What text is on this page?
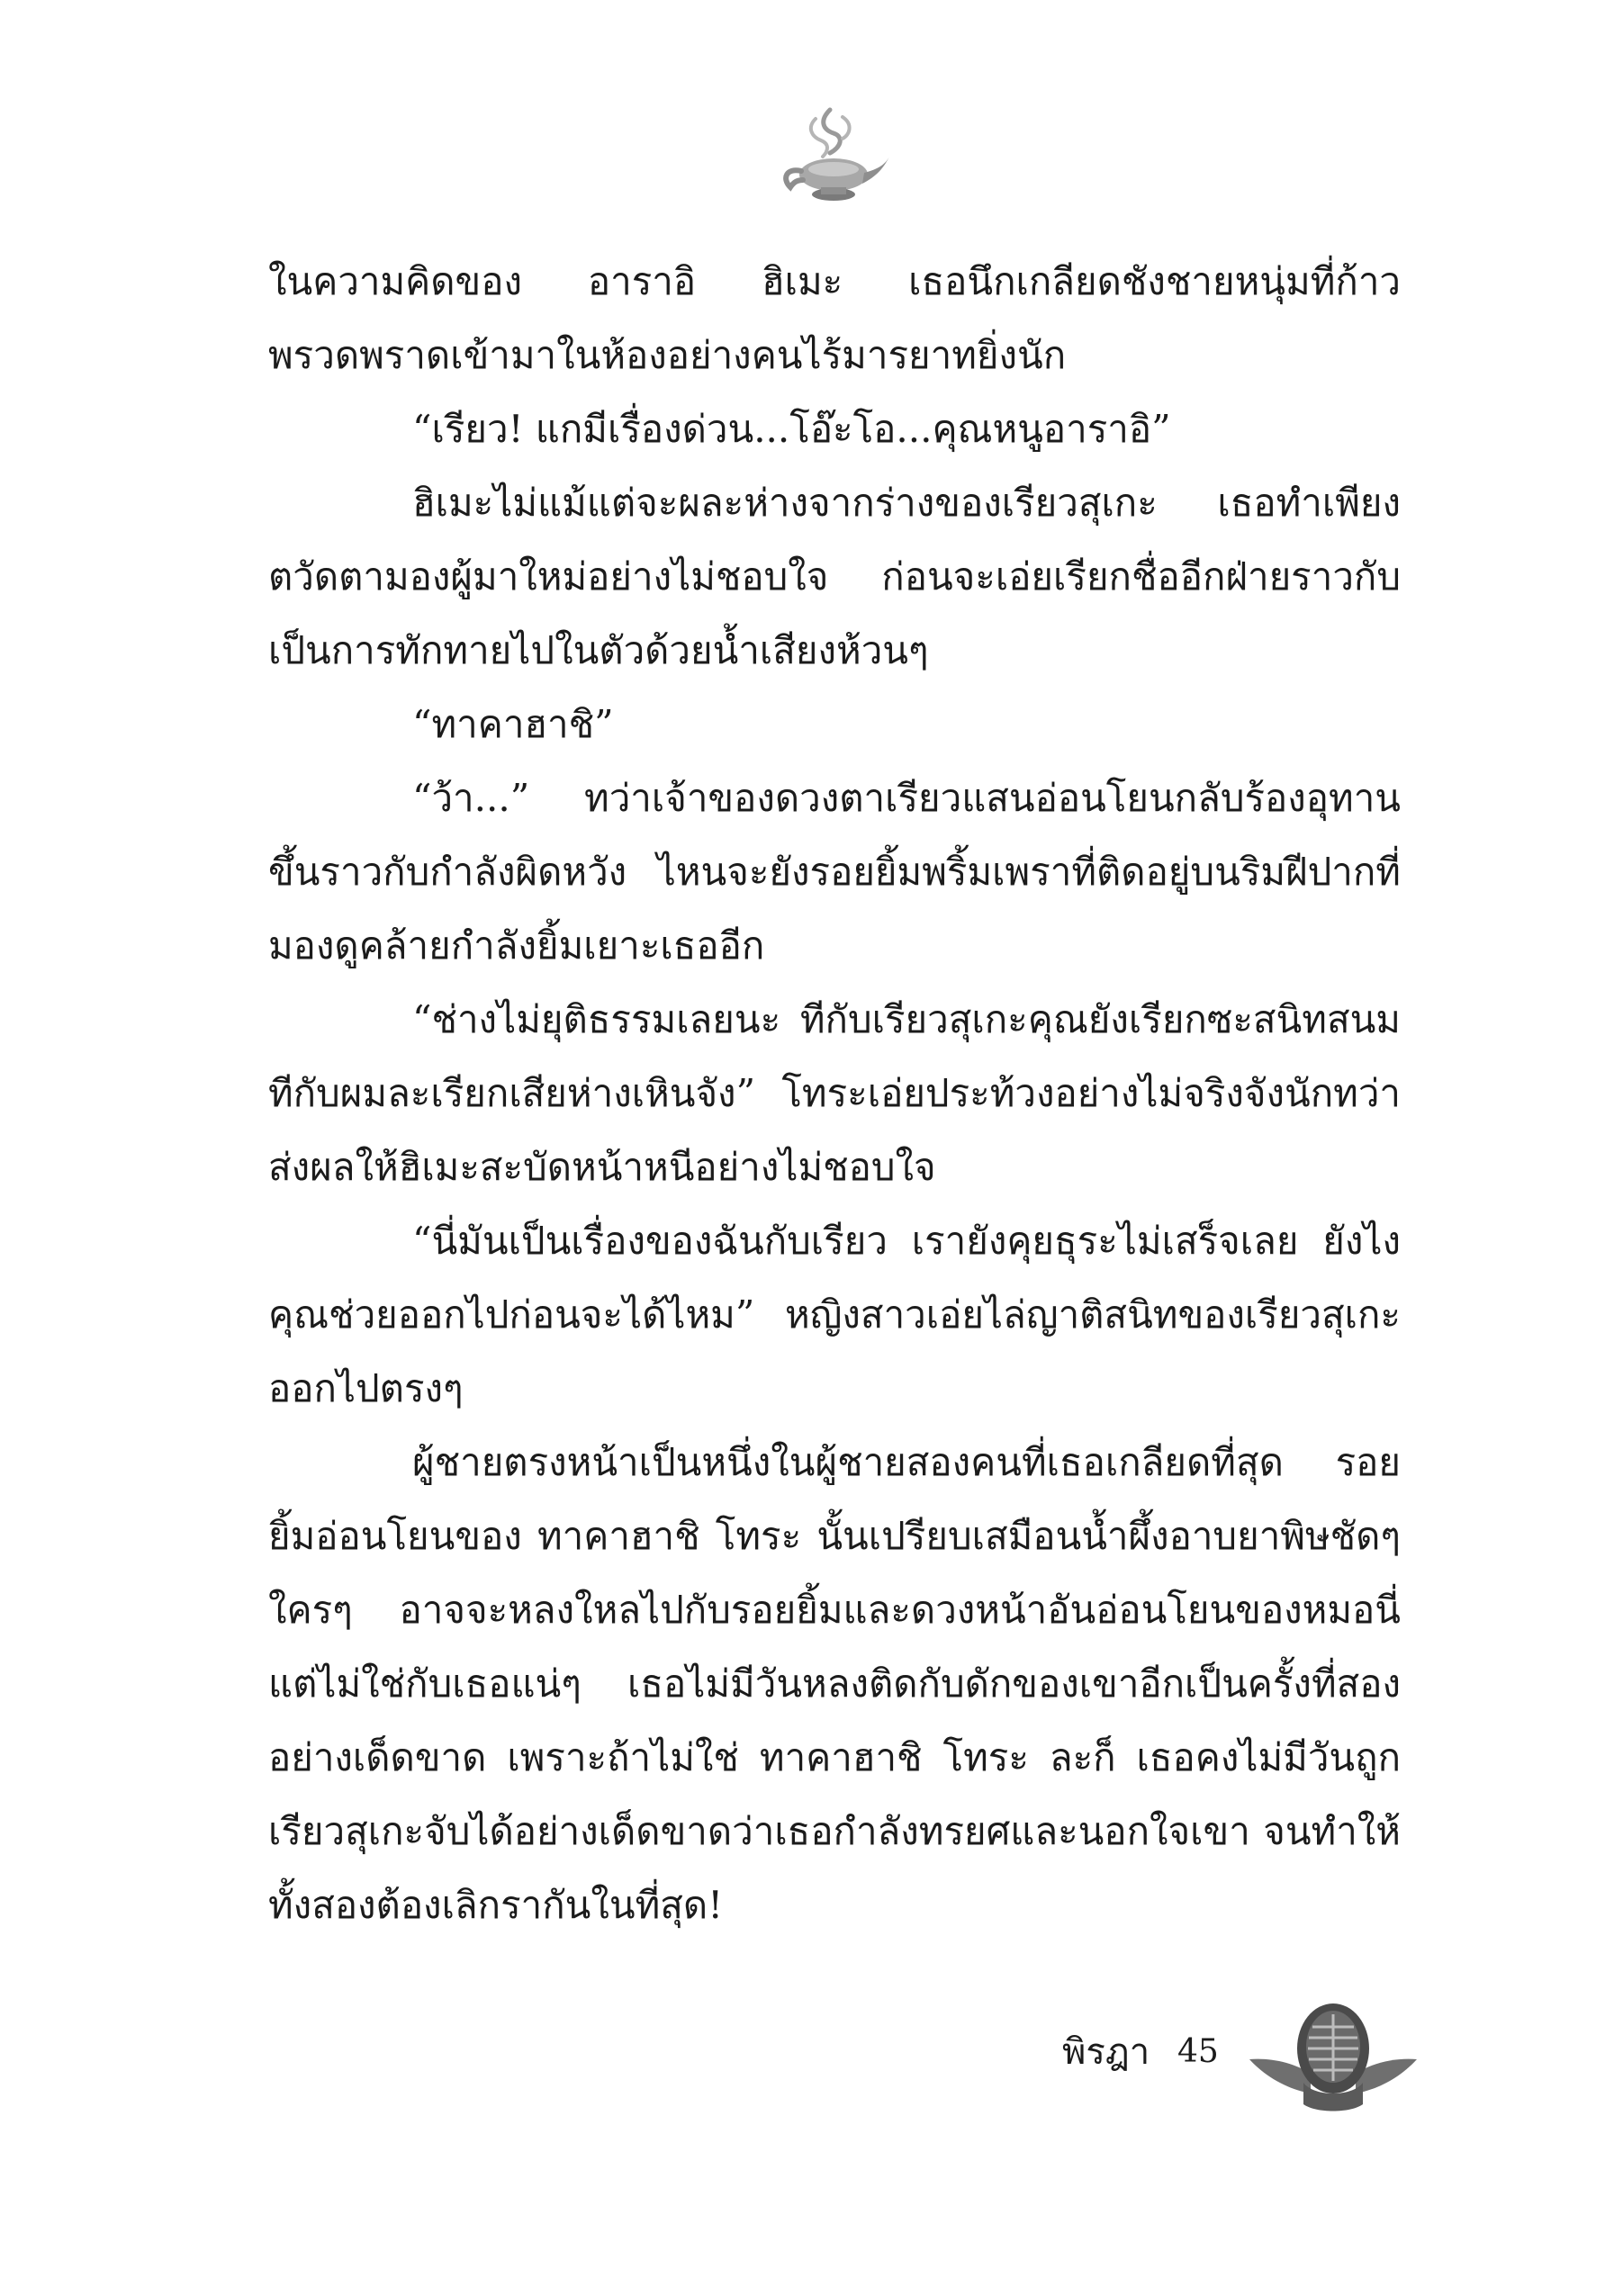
ในความคิดของ อาราอิ ฮิเมะ เธอนึกเกลียดชังชายหนุ่มที่ก้าวพรวดพราดเข้ามาในห้องอย่างคนไร้มารยาทยิ่งนัก

“เรียว! แกมีเรื่องด่วน...โอ๊ะโอ...คุณหนูอาราอิ”

ฮิเมะไม่แม้แต่จะผละห่างจากร่างของเรียวสุเกะ เธอทำเพียงตวัดตามองผู้มาใหม่อย่างไม่ชอบใจ ก่อนจะเอ่ยเรียกชื่ออีกฝ่ายราวกับเป็นการทักทายไปในตัวด้วยน้ำเสียงห้วนๆ

“ทาคาฮาชิ”

“ว้า...” ทว่าเจ้าของดวงตาเรียวแสนอ่อนโยนกลับร้องอุทานขึ้นราวกับกำลังผิดหวัง ไหนจะยังรอยยิ้มพริ้มเพราที่ติดอยู่บนริมฝีปากที่มองดูคล้ายกำลังยิ้มเยาะเธออีก

“ช่างไม่ยุติธรรมเลยนะ ทีกับเรียวสุเกะคุณยังเรียกซะสนิทสนมทีกับผมละเรียกเสียห่างเหินจัง” โทระเอ่ยประท้วงอย่างไม่จริงจังนักทว่าส่งผลให้ฮิเมะสะบัดหน้าหนีอย่างไม่ชอบใจ

“นี่มันเป็นเรื่องของฉันกับเรียว เรายังคุยธุระไม่เสร็จเลย ยังไงคุณช่วยออกไปก่อนจะได้ไหม” หญิงสาวเอ่ยไล่ญาติสนิทของเรียวสุเกะออกไปตรงๆ

ผู้ชายตรงหน้าเป็นหนึ่งในผู้ชายสองคนที่เธอเกลียดที่สุด รอยยิ้มอ่อนโยนของ ทาคาฮาชิ โทระ นั้นเปรียบเสมือนน้ำผึ้งอาบยาพิษชัดๆ ใครๆ อาจจะหลงใหลไปกับรอยยิ้มและดวงหน้าอันอ่อนโยนของหมอนี่ แต่ไม่ใช่กับเธอแน่ๆ เธอไม่มีวันหลงติดกับดักของเขาอีกเป็นครั้งที่สองอย่างเด็ดขาด เพราะถ้าไม่ใช่ ทาคาฮาชิ โทระ ละก็ เธอคงไม่มีวันถูกเรียวสุเกะจับได้อย่างเด็ดขาดว่าเธอกำลังทรยศและนอกใจเขา จนทำให้ทั้งสองต้องเลิกรากันในที่สุด!

พิรฎา 45
